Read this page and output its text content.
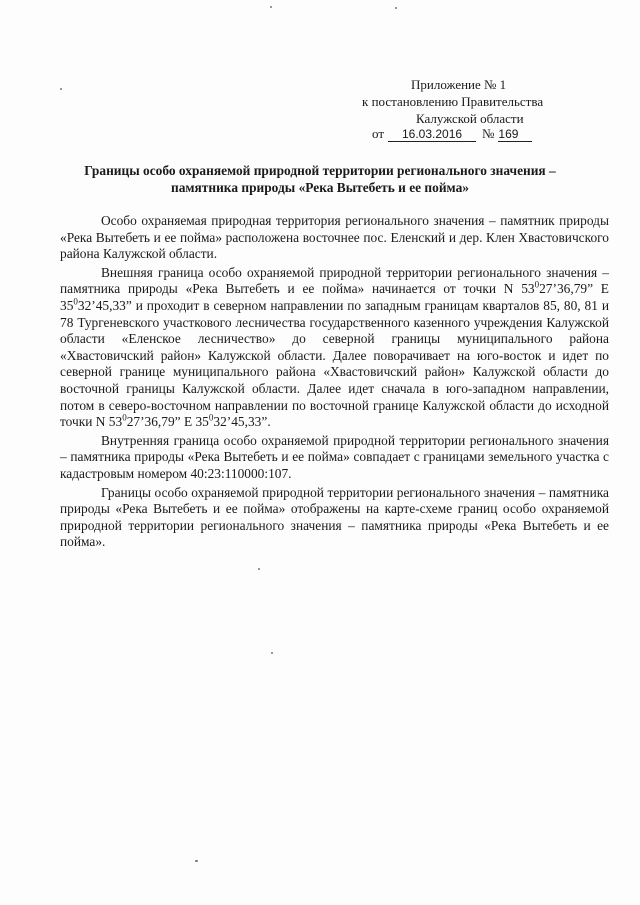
Приложение № 1
к постановлению Правительства
Калужской области
от 16.03.2016 № 169
Границы особо охраняемой природной территории регионального значения – памятника природы «Река Вытебеть и ее пойма»

Особо охраняемая природная территория регионального значения – памятник природы «Река Вытебеть и ее пойма» расположена восточнее пос. Еленский и дер. Клен Хвастовичского района Калужской области.

Внешняя граница особо охраняемой природной территории регионального значения – памятника природы «Река Вытебеть и ее пойма» начинается от точки N $53^027’36,79$” Е $35^032’45,33$” и проходит в северном направлении по западным границам кварталов 85, 80, 81 и 78 Тургеневского участкового лесничества государственного казенного учреждения Калужской области «Еленское лесничество» до северной границы муниципального района «Хвастовичский район» Калужской области. Далее поворачивает на юго-восток и идет по северной границе муниципального района «Хвастовичский район» Калужской области до восточной границы Калужской области. Далее идет сначала в юго-западном направлении, потом в северо-восточном направлении по восточной границе Калужской области до исходной точки N $53^027’36,79$” Е $35^032’45,33$”.

Внутренняя граница особо охраняемой природной территории регионального значения – памятника природы «Река Вытебеть и ее пойма» совпадает с границами земельного участка с кадастровым номером 40:23:110000:107.

Границы особо охраняемой природной территории регионального значения – памятника природы «Река Вытебеть и ее пойма» отображены на карте-схеме границ особо охраняемой природной территории регионального значения – памятника природы «Река Вытебеть и ее пойма».
